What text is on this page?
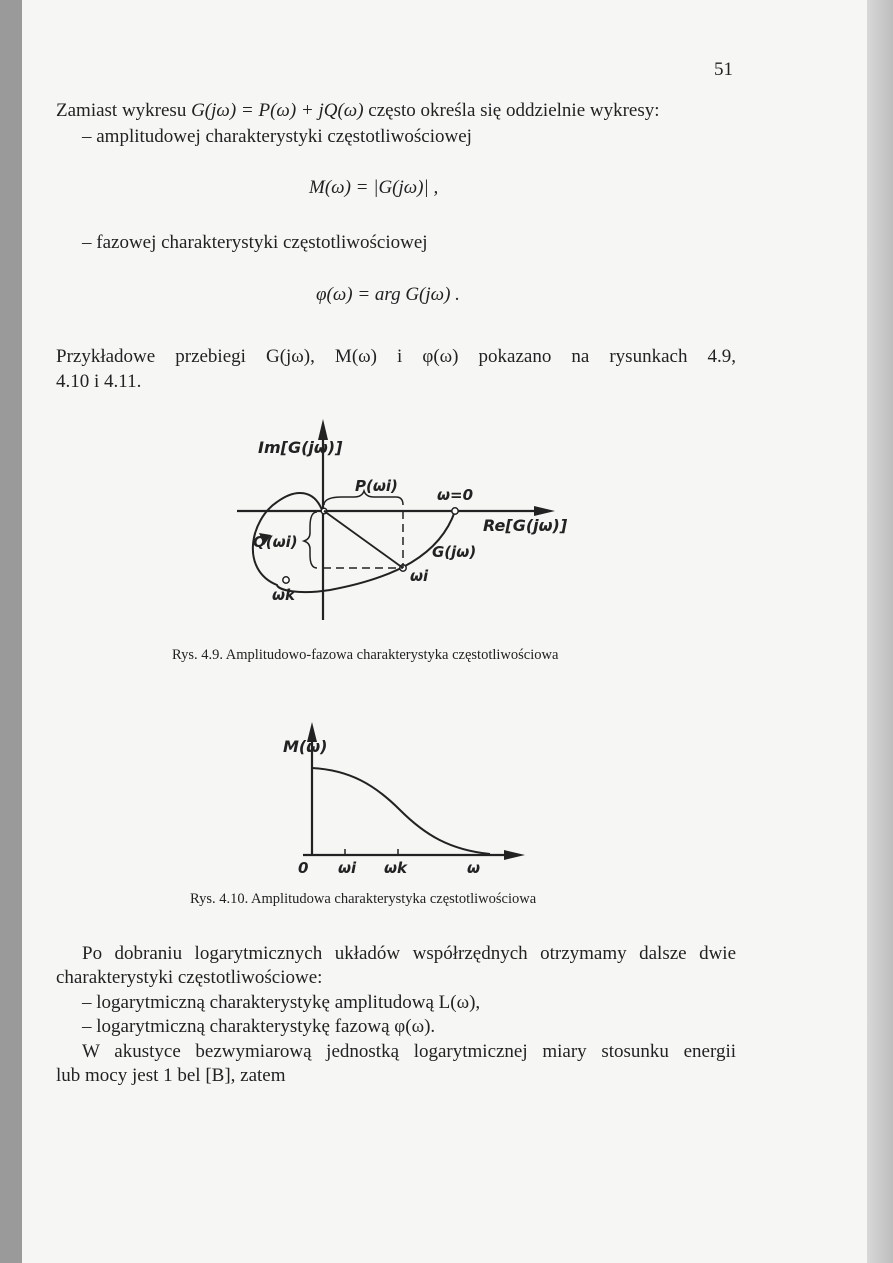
51
Zamiast wykresu G(jω) = P(ω) + jQ(ω) często określa się oddzielnie wykresy:
– amplitudowej charakterystyki częstotliwościowej
M(ω) = |G(jω)| ,
– fazowej charakterystyki częstotliwościowej
φ(ω) = arg G(jω) .
Przykładowe przebiegi G(jω), M(ω) i φ(ω) pokazano na rysunkach 4.9,
4.10 i 4.11.
Im[G(jω)]
P(ωi)	ω=0
Re[G(jω)]
Q(ωi)
G(jω)
ωi
ωk
Rys. 4.9. Amplitudowo-fazowa charakterystyka częstotliwościowa
M(ω)
0 ωi ωk	ω
Rys. 4.10. Amplitudowa charakterystyka częstotliwościowa
Po dobraniu logarytmicznych układów współrzędnych otrzymamy dalsze dwie
charakterystyki częstotliwościowe:
– logarytmiczną charakterystykę amplitudową L(ω),
– logarytmiczną charakterystykę fazową φ(ω).
W akustyce bezwymiarową jednostką logarytmicznej miary stosunku energii
lub mocy jest 1 bel [B], zatem
